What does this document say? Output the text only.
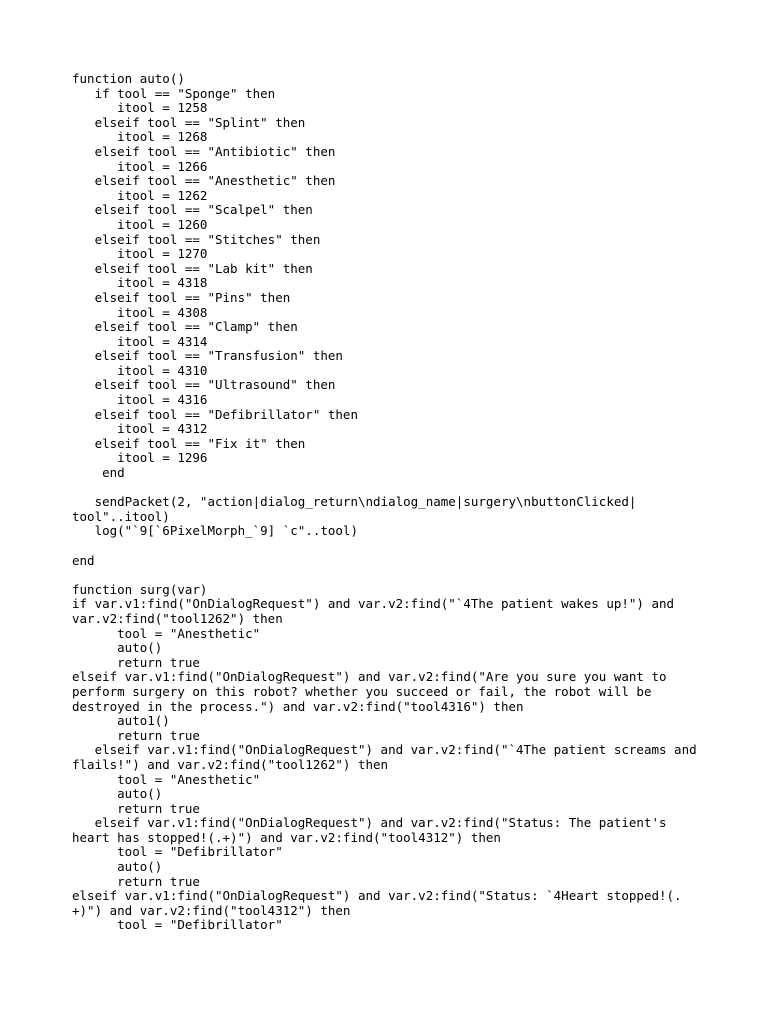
function auto()
if tool == "Sponge" then
itool = 1258
elseif tool == "Splint" then
itool = 1268
elseif tool == "Antibiotic" then
itool = 1266
elseif tool == "Anesthetic" then
itool = 1262
elseif tool == "Scalpel" then
itool = 1260
elseif tool == "Stitches" then
itool = 1270
elseif tool == "Lab kit" then
itool = 4318
elseif tool == "Pins" then
itool = 4308
elseif tool == "Clamp" then
itool = 4314
elseif tool == "Transfusion" then
itool = 4310
elseif tool == "Ultrasound" then
itool = 4316
elseif tool == "Defibrillator" then
itool = 4312
elseif tool == "Fix it" then
itool = 1296
end
sendPacket(2, "action|dialog_return\ndialog_name|surgery\nbuttonClicked|
tool"..itool)
log("`9[`6PixelMorph_`9] `c"..tool)
end
function surg(var)
if var.v1:find("OnDialogRequest") and var.v2:find("`4The patient wakes up!") and
var.v2:find("tool1262") then
tool = "Anesthetic"
auto()
return true
elseif var.v1:find("OnDialogRequest") and var.v2:find("Are you sure you want to
perform surgery on this robot? whether you succeed or fail, the robot will be
destroyed in the process.") and var.v2:find("tool4316") then
auto1()
return true
elseif var.v1:find("OnDialogRequest") and var.v2:find("`4The patient screams and
flails!") and var.v2:find("tool1262") then
tool = "Anesthetic"
auto()
return true
elseif var.v1:find("OnDialogRequest") and var.v2:find("Status: The patient's
heart has stopped!(.+)") and var.v2:find("tool4312") then
tool = "Defibrillator"
auto()
return true
elseif var.v1:find("OnDialogRequest") and var.v2:find("Status: `4Heart stopped!(.
+)") and var.v2:find("tool4312") then
tool = "Defibrillator"
